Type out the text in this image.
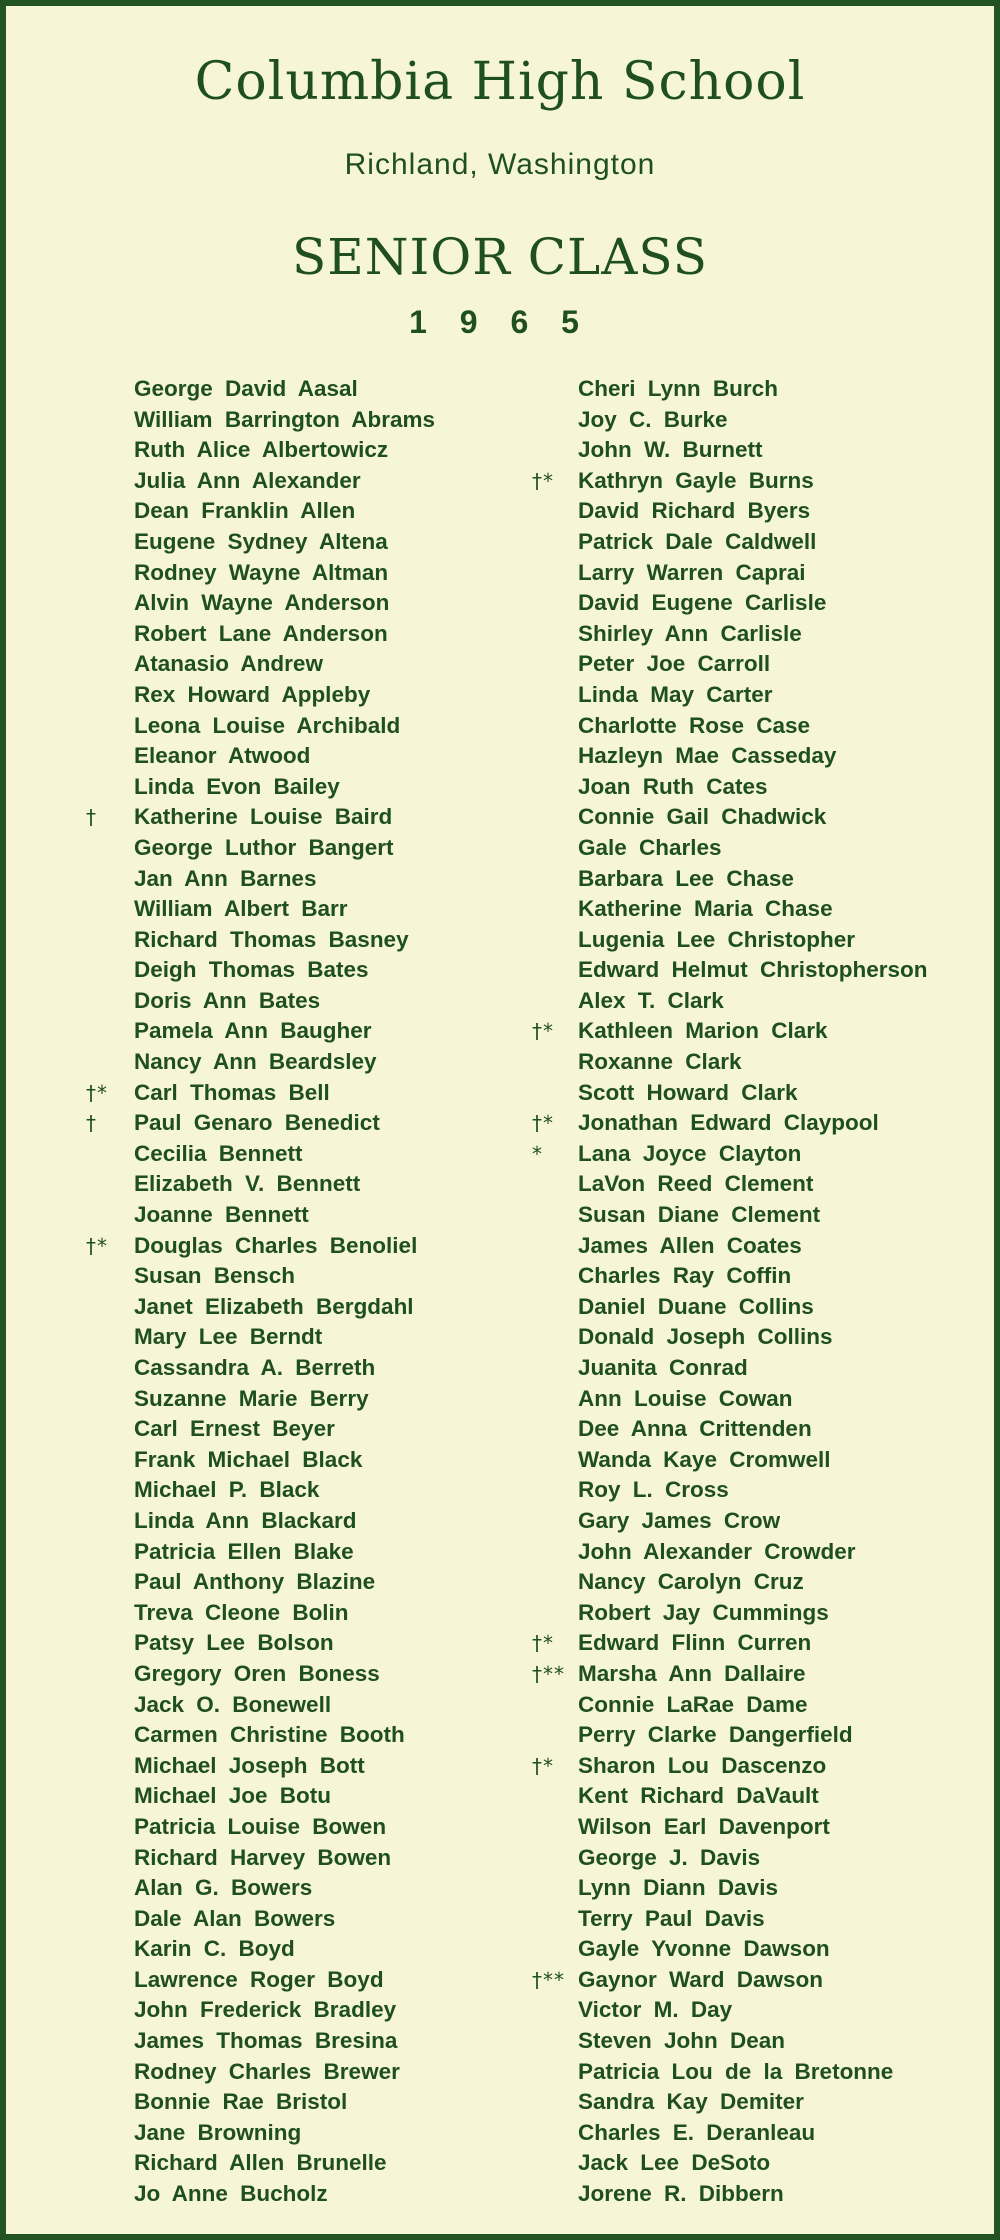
Columbia High School
Richland, Washington
SENIOR CLASS
1 9 6 5
George David Aasal
William Barrington Abrams
Ruth Alice Albertowicz
Julia Ann Alexander
Dean Franklin Allen
Eugene Sydney Altena
Rodney Wayne Altman
Alvin Wayne Anderson
Robert Lane Anderson
Atanasio Andrew
Rex Howard Appleby
Leona Louise Archibald
Eleanor Atwood
Linda Evon Bailey
†	Katherine Louise Baird
George Luthor Bangert
Jan Ann Barnes
William Albert Barr
Richard Thomas Basney
Deigh Thomas Bates
Doris Ann Bates
Pamela Ann Baugher
Nancy Ann Beardsley
†*	Carl Thomas Bell
†	Paul Genaro Benedict
Cecilia Bennett
Elizabeth V. Bennett
Joanne Bennett
†*	Douglas Charles Benoliel
Susan Bensch
Janet Elizabeth Bergdahl
Mary Lee Berndt
Cassandra A. Berreth
Suzanne Marie Berry
Carl Ernest Beyer
Frank Michael Black
Michael P. Black
Linda Ann Blackard
Patricia Ellen Blake
Paul Anthony Blazine
Treva Cleone Bolin
Patsy Lee Bolson
Gregory Oren Boness
Jack O. Bonewell
Carmen Christine Booth
Michael Joseph Bott
Michael Joe Botu
Patricia Louise Bowen
Richard Harvey Bowen
Alan G. Bowers
Dale Alan Bowers
Karin C. Boyd
Lawrence Roger Boyd
John Frederick Bradley
James Thomas Bresina
Rodney Charles Brewer
Bonnie Rae Bristol
Jane Browning
Richard Allen Brunelle
Jo Anne Bucholz
Cheri Lynn Burch
Joy C. Burke
John W. Burnett
†*	Kathryn Gayle Burns
David Richard Byers
Patrick Dale Caldwell
Larry Warren Caprai
David Eugene Carlisle
Shirley Ann Carlisle
Peter Joe Carroll
Linda May Carter
Charlotte Rose Case
Hazleyn Mae Casseday
Joan Ruth Cates
Connie Gail Chadwick
Gale Charles
Barbara Lee Chase
Katherine Maria Chase
Lugenia Lee Christopher
Edward Helmut Christopherson
Alex T. Clark
†*	Kathleen Marion Clark
Roxanne Clark
Scott Howard Clark
†*	Jonathan Edward Claypool
*	Lana Joyce Clayton
LaVon Reed Clement
Susan Diane Clement
James Allen Coates
Charles Ray Coffin
Daniel Duane Collins
Donald Joseph Collins
Juanita Conrad
Ann Louise Cowan
Dee Anna Crittenden
Wanda Kaye Cromwell
Roy L. Cross
Gary James Crow
John Alexander Crowder
Nancy Carolyn Cruz
Robert Jay Cummings
†*	Edward Flinn Curren
†** Marsha Ann Dallaire
Connie LaRae Dame
Perry Clarke Dangerfield
†*	Sharon Lou Dascenzo
Kent Richard DaVault
Wilson Earl Davenport
George J. Davis
Lynn Diann Davis
Terry Paul Davis
Gayle Yvonne Dawson
†** Gaynor Ward Dawson
Victor M. Day
Steven John Dean
Patricia Lou de la Bretonne
Sandra Kay Demiter
Charles E. Deranleau
Jack Lee DeSoto
Jorene R. Dibbern
